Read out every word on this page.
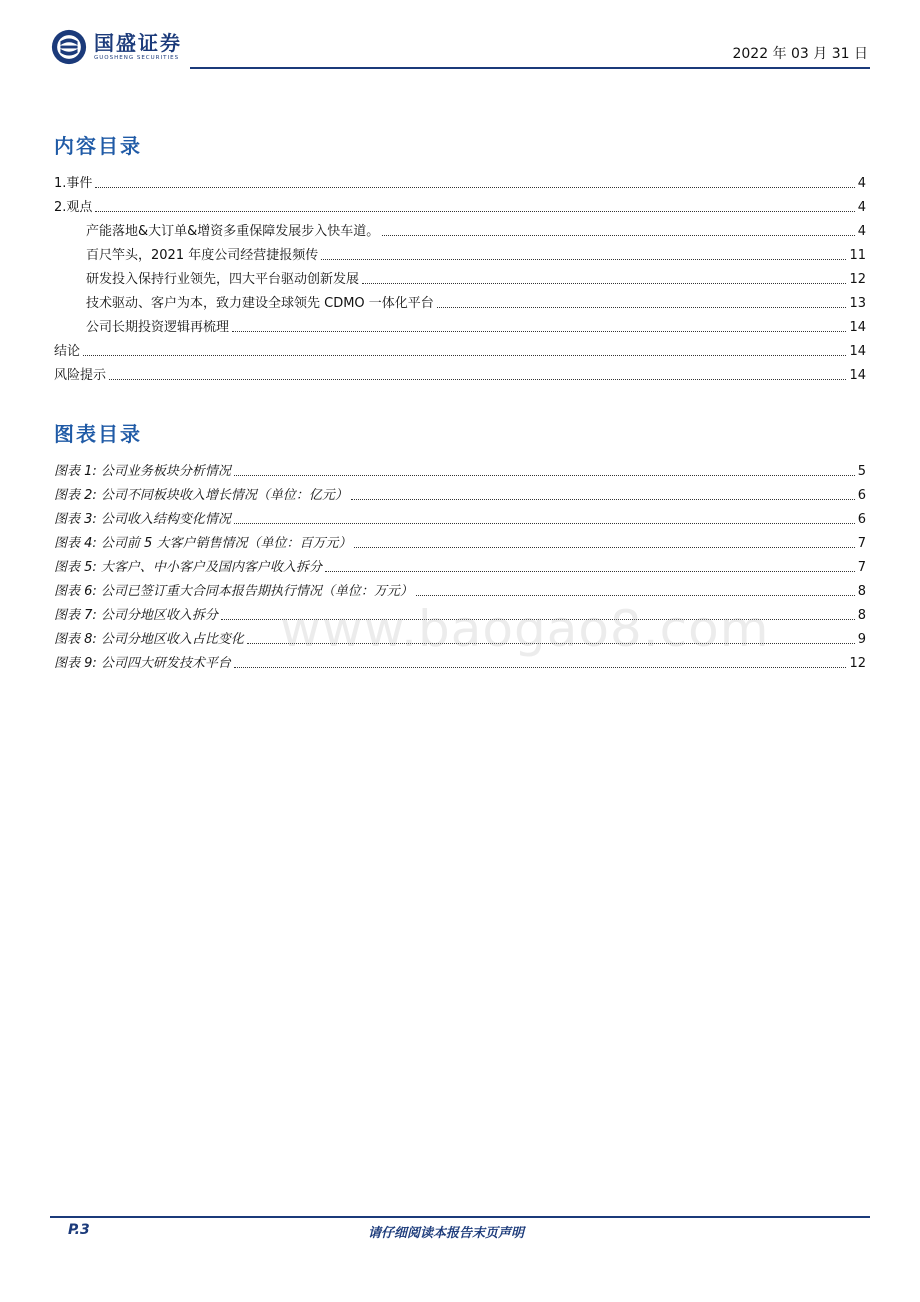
国盛证券
GUOSHENG SECURITIES	2022 年 03 月 31 日
内容目录
1.事件	4
2.观点	4
产能落地&大订单&增资多重保障发展步入快车道。	4
百尺竿头，2021 年度公司经营捷报频传	11
研发投入保持行业领先，四大平台驱动创新发展	12
技术驱动、客户为本，致力建设全球领先 CDMO 一体化平台	13
公司长期投资逻辑再梳理	14
结论	14
风险提示	14
图表目录
图表 1: 公司业务板块分析情况	5
图表 2: 公司不同板块收入增长情况（单位：亿元）	6
图表 3: 公司收入结构变化情况	6
图表 4: 公司前 5 大客户销售情况（单位：百万元）	7
图表 5: 大客户、中小客户及国内客户收入拆分	7
图表 6: 公司已签订重大合同本报告期执行情况（单位：万元）	8
图表 7: 公司分地区收入拆分	8
图表 8: 公司分地区收入占比变化	9
图表 9: 公司四大研发技术平台	12
www.baogao8.com
P.3	请仔细阅读本报告末页声明
